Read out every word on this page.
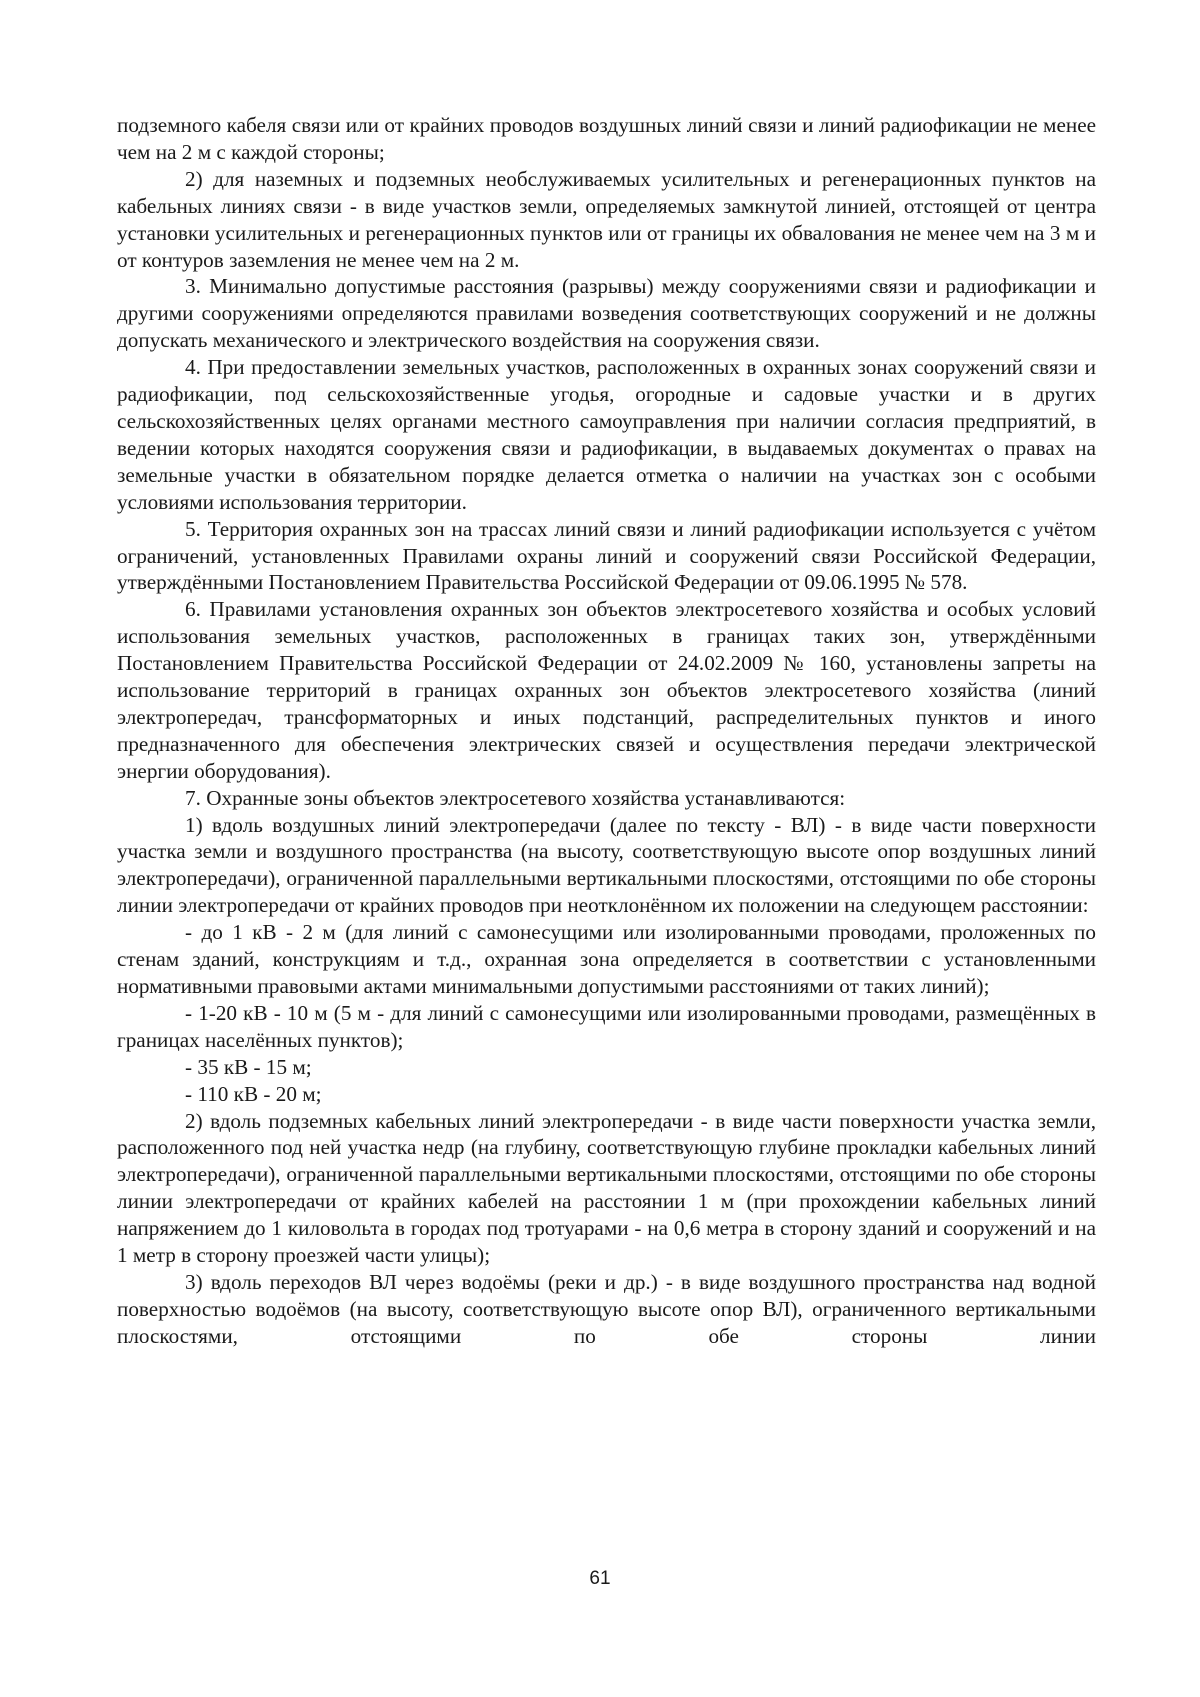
подземного кабеля связи или от крайних проводов воздушных линий связи и линий радиофикации не менее чем на 2 м с каждой стороны;

2) для наземных и подземных необслуживаемых усилительных и регенерационных пунктов на кабельных линиях связи - в виде участков земли, определяемых замкнутой линией, отстоящей от центра установки усилительных и регенерационных пунктов или от границы их обвалования не менее чем на 3 м и от контуров заземления не менее чем на 2 м.

3. Минимально допустимые расстояния (разрывы) между сооружениями связи и радиофикации и другими сооружениями определяются правилами возведения соответствующих сооружений и не должны допускать механического и электрического воздействия на сооружения связи.

4. При предоставлении земельных участков, расположенных в охранных зонах сооружений связи и радиофикации, под сельскохозяйственные угодья, огородные и садовые участки и в других сельскохозяйственных целях органами местного самоуправления при наличии согласия предприятий, в ведении которых находятся сооружения связи и радиофикации, в выдаваемых документах о правах на земельные участки в обязательном порядке делается отметка о наличии на участках зон с особыми условиями использования территории.

5. Территория охранных зон на трассах линий связи и линий радиофикации используется с учётом ограничений, установленных Правилами охраны линий и сооружений связи Российской Федерации, утверждёнными Постановлением Правительства Российской Федерации от 09.06.1995 № 578.

6. Правилами установления охранных зон объектов электросетевого хозяйства и особых условий использования земельных участков, расположенных в границах таких зон, утверждёнными Постановлением Правительства Российской Федерации от 24.02.2009 № 160, установлены запреты на использование территорий в границах охранных зон объектов электросетевого хозяйства (линий электропередач, трансформаторных и иных подстанций, распределительных пунктов и иного предназначенного для обеспечения электрических связей и осуществления передачи электрической энергии оборудования).

7. Охранные зоны объектов электросетевого хозяйства устанавливаются:

1) вдоль воздушных линий электропередачи (далее по тексту - ВЛ) - в виде части поверхности участка земли и воздушного пространства (на высоту, соответствующую высоте опор воздушных линий электропередачи), ограниченной параллельными вертикальными плоскостями, отстоящими по обе стороны линии электропередачи от крайних проводов при неотклонённом их положении на следующем расстоянии:

- до 1 кВ - 2 м (для линий с самонесущими или изолированными проводами, проложенных по стенам зданий, конструкциям и т.д., охранная зона определяется в соответствии с установленными нормативными правовыми актами минимальными допустимыми расстояниями от таких линий);

- 1-20 кВ - 10 м (5 м - для линий с самонесущими или изолированными проводами, размещённых в границах населённых пунктов);

- 35 кВ - 15 м;

- 110 кВ - 20 м;

2) вдоль подземных кабельных линий электропередачи - в виде части поверхности участка земли, расположенного под ней участка недр (на глубину, соответствующую глубине прокладки кабельных линий электропередачи), ограниченной параллельными вертикальными плоскостями, отстоящими по обе стороны линии электропередачи от крайних кабелей на расстоянии 1 м (при прохождении кабельных линий напряжением до 1 киловольта в городах под тротуарами - на 0,6 метра в сторону зданий и сооружений и на 1 метр в сторону проезжей части улицы);

3) вдоль переходов ВЛ через водоёмы (реки и др.) - в виде воздушного пространства над водной поверхностью водоёмов (на высоту, соответствующую высоте опор ВЛ), ограниченного вертикальными плоскостями, отстоящими по обе стороны линии

61
